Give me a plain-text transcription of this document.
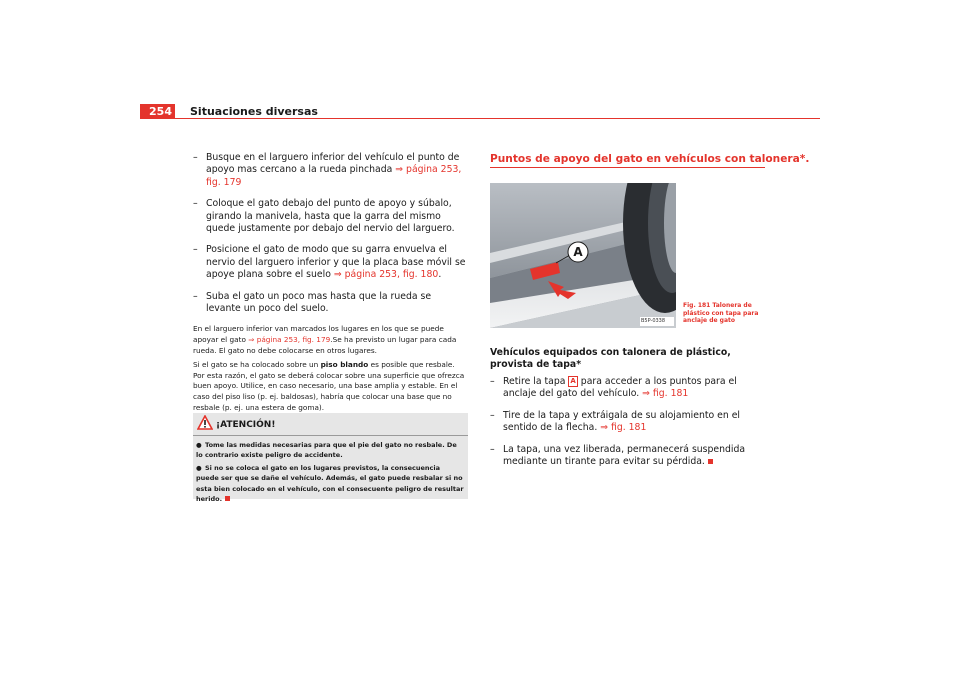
254 Situaciones diversas
– Busque en el larguero inferior del vehículo el punto de apoyo mas cercano a la rueda pinchada ⇒ página 253, fig. 179
– Coloque el gato debajo del punto de apoyo y súbalo, girando la manivela, hasta que la garra del mismo quede justamente por debajo del nervio del larguero.
– Posicione el gato de modo que su garra envuelva el nervio del larguero inferior y que la placa base móvil se apoye plana sobre el suelo ⇒ página 253, fig. 180.
– Suba el gato un poco mas hasta que la rueda se levante un poco del suelo.

En el larguero inferior van marcados los lugares en los que se puede apoyar el gato ⇒ página 253, fig. 179.Se ha previsto un lugar para cada rueda. El gato no debe colocarse en otros lugares.

Si el gato se ha colocado sobre un piso blando es posible que resbale. Por esta razón, el gato se deberá colocar sobre una superficie que ofrezca buen apoyo. Utilice, en caso necesario, una base amplia y estable. En el caso del piso liso (p. ej. baldosas), habría que colocar una base que no resbale (p. ej. una estera de goma).

¡ATENCIÓN!
● Tome las medidas necesarias para que el pie del gato no resbale. De lo contrario existe peligro de accidente.
● Si no se coloca el gato en los lugares previstos, la consecuencia puede ser que se dañe el vehículo. Además, el gato puede resbalar si no esta bien colocado en el vehículo, con el consecuente peligro de resultar herido.
Puntos de apoyo del gato en vehículos con talonera*.
A
B5P-0338
Fig. 181 Talonera de plástico con tapa para anclaje de gato

Vehículos equipados con talonera de plástico, provista de tapa*

– Retire la tapa A para acceder a los puntos para el anclaje del gato del vehículo. ⇒ fig. 181
– Tire de la tapa y extráigala de su alojamiento en el sentido de la flecha. ⇒ fig. 181
– La tapa, una vez liberada, permanecerá suspendida mediante un tirante para evitar su pérdida.
